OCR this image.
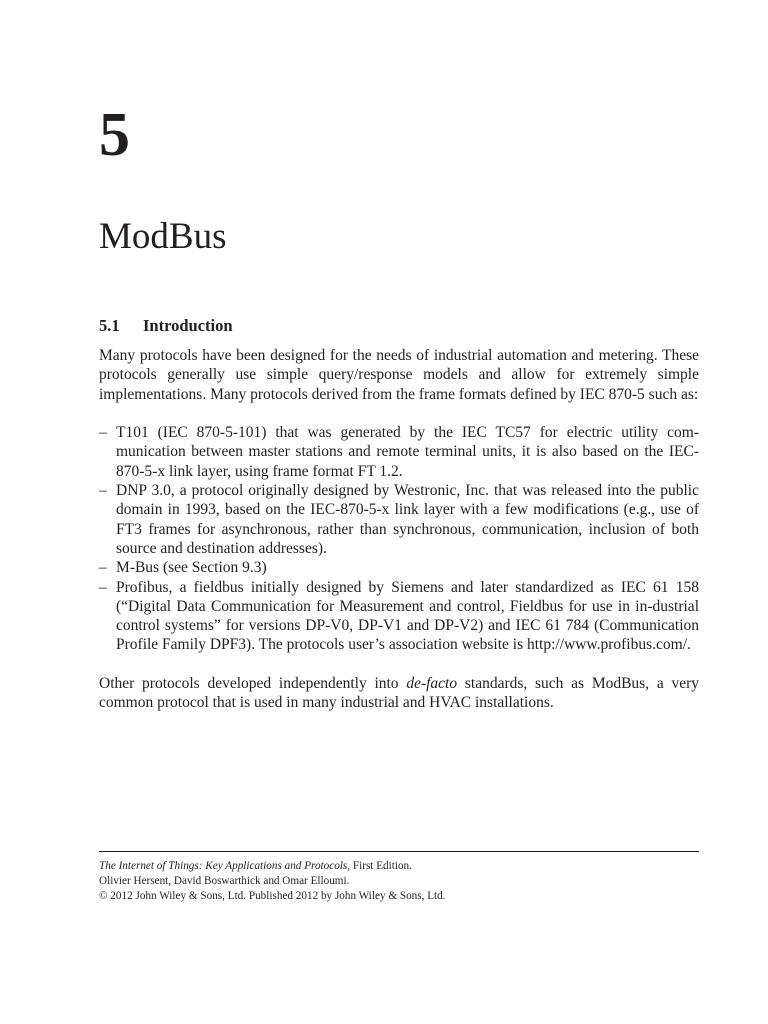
5
ModBus
5.1 Introduction

Many protocols have been designed for the needs of industrial automation and metering. These protocols generally use simple query/response models and allow for extremely simple implementations. Many protocols derived from the frame formats defined by IEC 870-5 such as:

– T101 (IEC 870-5-101) that was generated by the IEC TC57 for electric utility com-munication between master stations and remote terminal units, it is also based on the IEC-870-5-x link layer, using frame format FT 1.2.
– DNP 3.0, a protocol originally designed by Westronic, Inc. that was released into the public domain in 1993, based on the IEC-870-5-x link layer with a few modifications (e.g., use of FT3 frames for asynchronous, rather than synchronous, communication, inclusion of both source and destination addresses).
– M-Bus (see Section 9.3)
– Profibus, a fieldbus initially designed by Siemens and later standardized as IEC 61 158 (“Digital Data Communication for Measurement and control, Fieldbus for use in in-dustrial control systems” for versions DP-V0, DP-V1 and DP-V2) and IEC 61 784 (Communication Profile Family DPF3). The protocols user’s association website is http://www.profibus.com/.

Other protocols developed independently into de-facto standards, such as ModBus, a very common protocol that is used in many industrial and HVAC installations.

The Internet of Things: Key Applications and Protocols, First Edition.
Olivier Hersent, David Boswarthick and Omar Elloumi.
© 2012 John Wiley & Sons, Ltd. Published 2012 by John Wiley & Sons, Ltd.
